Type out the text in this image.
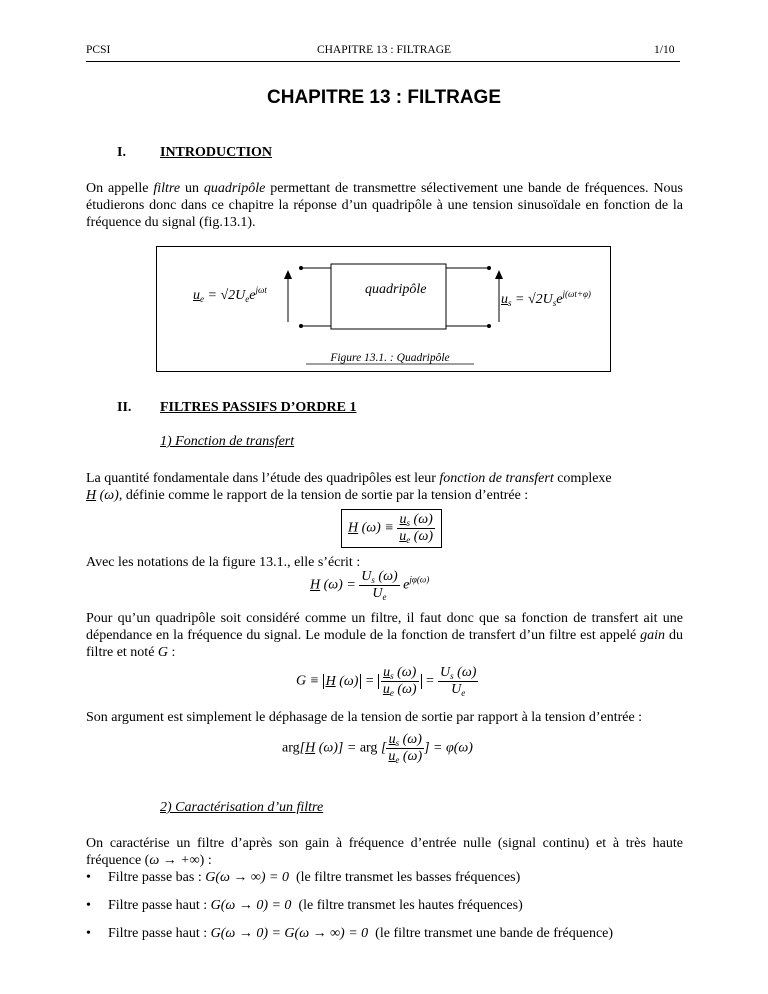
PCSI	CHAPITRE 13 : FILTRAGE	1/10
CHAPITRE 13 : FILTRAGE
I. INTRODUCTION
On appelle filtre un quadripôle permettant de transmettre sélectivement une bande de fréquences. Nous étudierons donc dans ce chapitre la réponse d’un quadripôle à une tension sinusoïdale en fonction de la fréquence du signal (fig.13.1).
quadripôle
$u_e = √2U_ee^{j\omega t}$
$u_s = √2U_se^{j(\omega t+\varphi)}$
Figure 13.1. : Quadripôle
II. FILTRES PASSIFS D’ORDRE 1
1) Fonction de transfert
La quantité fondamentale dans l’étude des quadripôles est leur fonction de transfert complexe
H (ω), définie comme le rapport de la tension de sortie par la tension d’entrée :
H $(\omega) \equiv \frac{u_s (\omega)}{u_e (\omega)}$
Avec les notations de la figure 13.1., elle s’écrit :
H $(\omega) = \frac{U_s (\omega)}{U_e} e^{j\varphi(\omega)}$
Pour qu’un quadripôle soit considéré comme un filtre, il faut donc que sa fonction de transfert ait une dépendance en la fréquence du signal. Le module de la fonction de transfert d’un filtre est appelé gain du filtre et noté G :
G ≡ H $(\omega) = \frac{u_s (\omega)}{u_e (\omega)} = \frac{U_s (\omega)}{U_e}$
Son argument est simplement le déphasage de la tension de sortie par rapport à la tension d’entrée :
arg[H (ω)] = arg [ $\frac{u_s (\omega)}{u_e (\omega)}$ ] = φ(ω)
2) Caractérisation d’un filtre
On caractérise un filtre d’après son gain à fréquence d’entrée nulle (signal continu) et à très haute fréquence (ω → +∞) :
• Filtre passe bas : G(ω → ∞) = 0 (le filtre transmet les basses fréquences)
• Filtre passe haut : G(ω → 0) = 0 (le filtre transmet les hautes fréquences)
• Filtre passe haut : G(ω → 0) = G(ω → ∞) = 0 (le filtre transmet une bande de fréquence)
